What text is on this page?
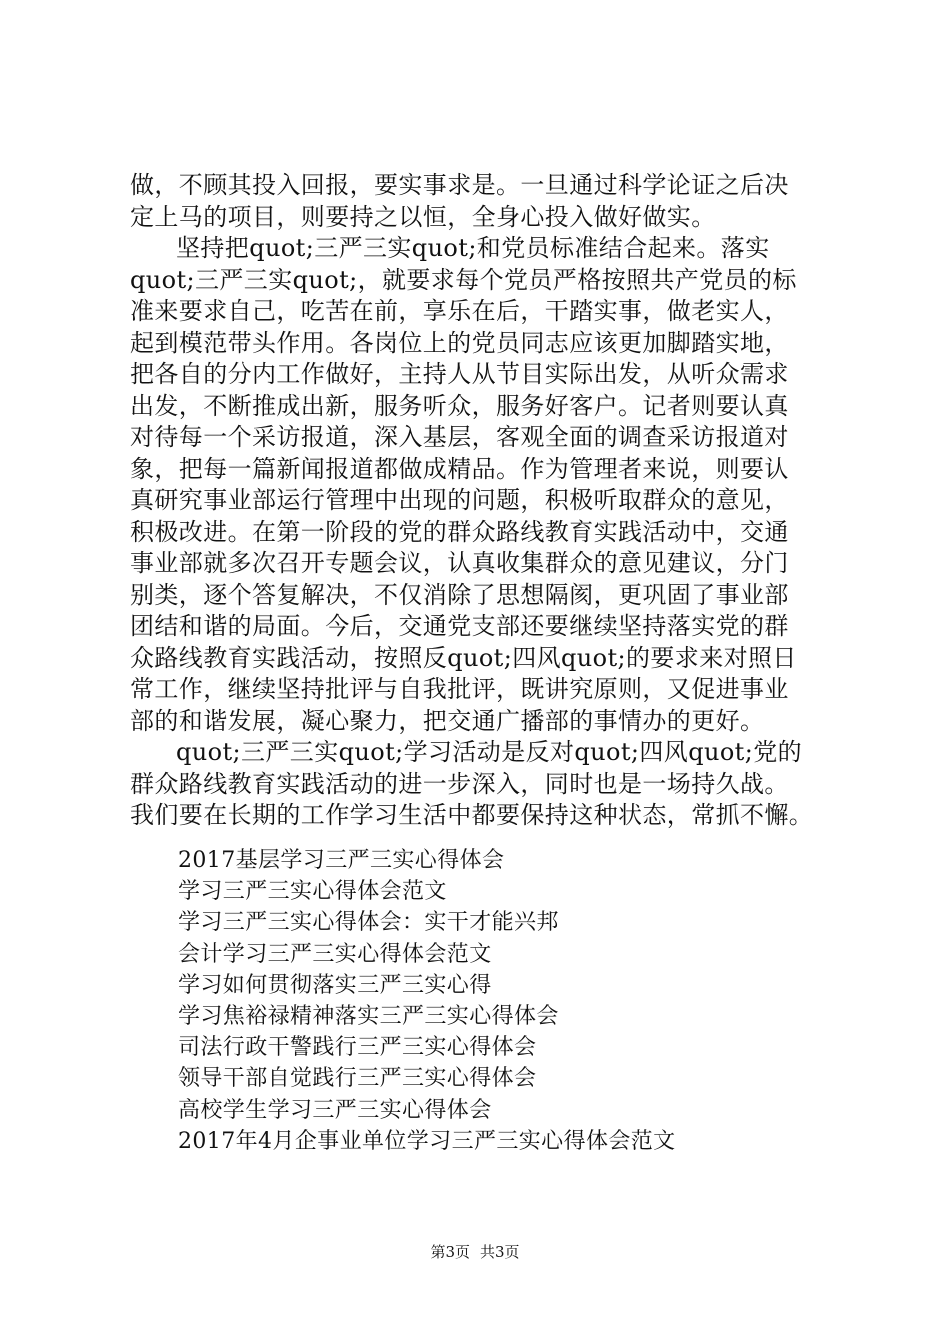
做，不顾其投入回报，要实事求是。一旦通过科学论证之后决
定上马的项目，则要持之以恒，全身心投入做好做实。
坚持把quot;三严三实quot;和党员标准结合起来。落实
quot;三严三实quot;，就要求每个党员严格按照共产党员的标
准来要求自己，吃苦在前，享乐在后，干踏实事，做老实人，
起到模范带头作用。各岗位上的党员同志应该更加脚踏实地，
把各自的分内工作做好，主持人从节目实际出发，从听众需求
出发，不断推成出新，服务听众，服务好客户。记者则要认真
对待每一个采访报道，深入基层，客观全面的调查采访报道对
象，把每一篇新闻报道都做成精品。作为管理者来说，则要认
真研究事业部运行管理中出现的问题，积极听取群众的意见，
积极改进。在第一阶段的党的群众路线教育实践活动中，交通
事业部就多次召开专题会议，认真收集群众的意见建议，分门
别类，逐个答复解决，不仅消除了思想隔阂，更巩固了事业部
团结和谐的局面。今后，交通党支部还要继续坚持落实党的群
众路线教育实践活动，按照反quot;四风quot;的要求来对照日
常工作，继续坚持批评与自我批评，既讲究原则，又促进事业
部的和谐发展，凝心聚力，把交通广播部的事情办的更好。
quot;三严三实quot;学习活动是反对quot;四风quot;党的
群众路线教育实践活动的进一步深入，同时也是一场持久战。
我们要在长期的工作学习生活中都要保持这种状态，常抓不懈。
2017基层学习三严三实心得体会
学习三严三实心得体会范文
学习三严三实心得体会：实干才能兴邦
会计学习三严三实心得体会范文
学习如何贯彻落实三严三实心得
学习焦裕禄精神落实三严三实心得体会
司法行政干警践行三严三实心得体会
领导干部自觉践行三严三实心得体会
高校学生学习三严三实心得体会
2017年4月企事业单位学习三严三实心得体会范文
第3页 共3页
